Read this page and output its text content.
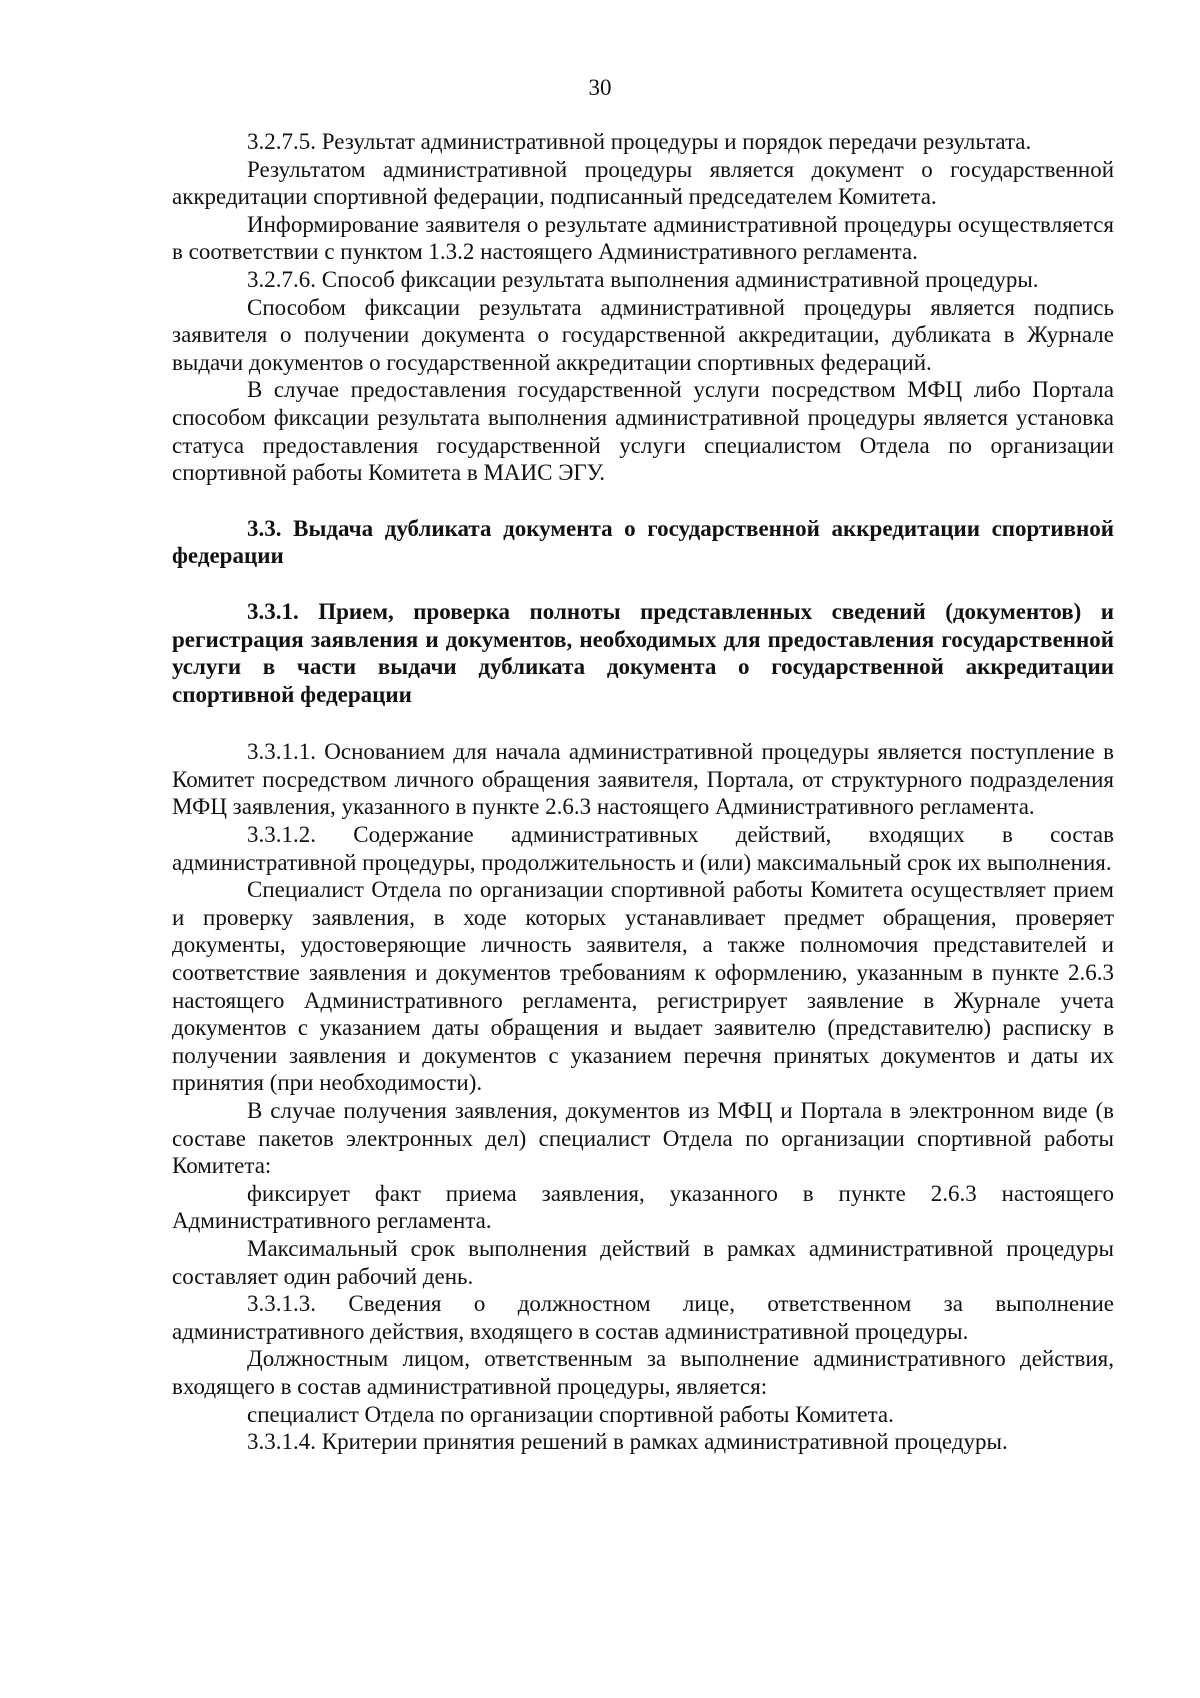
30

3.2.7.5. Результат административной процедуры и порядок передачи результата.

Результатом административной процедуры является документ о государственной аккредитации спортивной федерации, подписанный председателем Комитета.

Информирование заявителя о результате административной процедуры осуществляется в соответствии с пунктом 1.3.2 настоящего Административного регламента.

3.2.7.6. Способ фиксации результата выполнения административной процедуры.

Способом фиксации результата административной процедуры является подпись заявителя о получении документа о государственной аккредитации, дубликата в Журнале выдачи документов о государственной аккредитации спортивных федераций.

В случае предоставления государственной услуги посредством МФЦ либо Портала способом фиксации результата выполнения административной процедуры является установка статуса предоставления государственной услуги специалистом Отдела по организации спортивной работы Комитета в МАИС ЭГУ.

3.3. Выдача дубликата документа о государственной аккредитации спортивной федерации

3.3.1. Прием, проверка полноты представленных сведений (документов) и регистрация заявления и документов, необходимых для предоставления государственной услуги в части выдачи дубликата документа о государственной аккредитации спортивной федерации

3.3.1.1. Основанием для начала административной процедуры является поступление в Комитет посредством личного обращения заявителя, Портала, от структурного подразделения МФЦ заявления, указанного в пункте 2.6.3 настоящего Административного регламента.

3.3.1.2. Содержание административных действий, входящих в состав административной процедуры, продолжительность и (или) максимальный срок их выполнения.

Специалист Отдела по организации спортивной работы Комитета осуществляет прием и проверку заявления, в ходе которых устанавливает предмет обращения, проверяет документы, удостоверяющие личность заявителя, а также полномочия представителей и соответствие заявления и документов требованиям к оформлению, указанным в пункте 2.6.3 настоящего Административного регламента, регистрирует заявление в Журнале учета документов с указанием даты обращения и выдает заявителю (представителю) расписку в получении заявления и документов с указанием перечня принятых документов и даты их принятия (при необходимости).

В случае получения заявления, документов из МФЦ и Портала в электронном виде (в составе пакетов электронных дел) специалист Отдела по организации спортивной работы Комитета:

фиксирует факт приема заявления, указанного в пункте 2.6.3 настоящего Административного регламента.

Максимальный срок выполнения действий в рамках административной процедуры составляет один рабочий день.

3.3.1.3. Сведения о должностном лице, ответственном за выполнение административного действия, входящего в состав административной процедуры.

Должностным лицом, ответственным за выполнение административного действия, входящего в состав административной процедуры, является:

специалист Отдела по организации спортивной работы Комитета.

3.3.1.4. Критерии принятия решений в рамках административной процедуры.
